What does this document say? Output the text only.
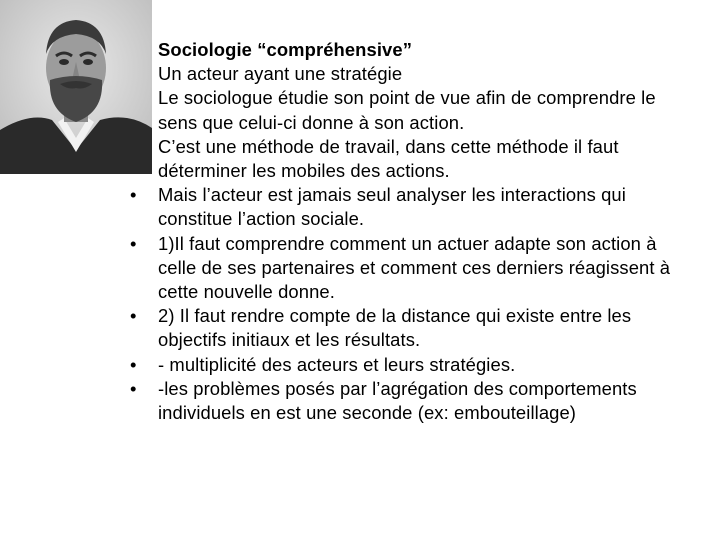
Sociologie “compréhensive”
Un acteur ayant une stratégie
Le sociologue étudie son point de vue afin de comprendre le sens que celui-ci donne à son action.
C’est une méthode de travail, dans cette méthode il faut déterminer les mobiles des actions.
• Mais l’acteur est jamais seul analyser les interactions qui constitue l’action sociale.
• 1)Il faut comprendre comment un actuer adapte son action à celle de ses partenaires et comment ces derniers réagissent à cette nouvelle donne.
• 2) Il faut rendre compte de la distance qui existe entre les objectifs initiaux et les résultats.
• - multiplicité des acteurs et leurs stratégies.
• -les problèmes posés par l’agrégation des comportements individuels en est une seconde (ex: embouteillage)
